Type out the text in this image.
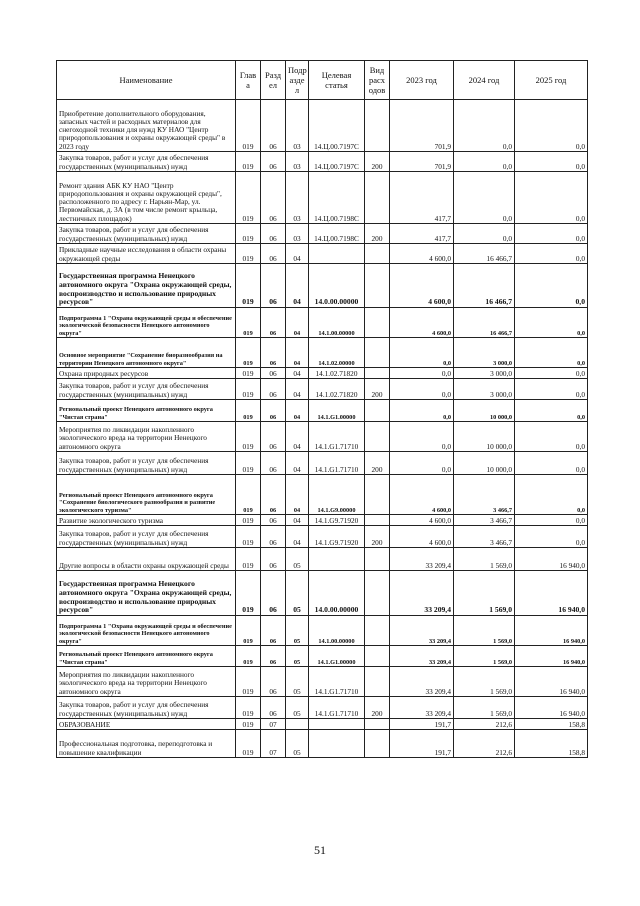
Наименование	Глав а	Разд ел	Подр азде л	Целевая статья	Вид расх одов	2023 год	2024 год	2025 год
Приобретение дополнительного оборудования, запасных частей и расходных материалов для снегоходной техники для нужд КУ НАО "Центр природопользования и охраны окружающей среды" в 2023 году	019	06	03	14.Ц.00.7197С		701,9	0,0	0,0
Закупка товаров, работ и услуг для обеспечения государственных (муниципальных) нужд	019	06	03	14.Ц.00.7197С	200	701,9	0,0	0,0
Ремонт здания АБК КУ НАО "Центр природопользования и охраны окружающей среды", расположенного по адресу г. Нарьян-Мар, ул. Первомайская, д. 3А (в том числе ремонт крыльца, лестничных площадок)	019	06	03	14.Ц.00.7198С		417,7	0,0	0,0
Закупка товаров, работ и услуг для обеспечения государственных (муниципальных) нужд	019	06	03	14.Ц.00.7198С	200	417,7	0,0	0,0
Прикладные научные исследования в области охраны окружающей среды	019	06	04			4 600,0	16 466,7	0,0
Государственная программа Ненецкого автономного округа "Охрана окружающей среды, воспроизводство и использование природных ресурсов"	019	06	04	14.0.00.00000		4 600,0	16 466,7	0,0
Подпрограмма 1 "Охрана окружающей среды и обеспечение экологической безопасности Ненецкого автономного округа"	019	06	04	14.1.00.00000		4 600,0	16 466,7	0,0
Основное мероприятие "Сохранение биоразнообразия на территории Ненецкого автономного округа"	019	06	04	14.1.02.00000		0,0	3 000,0	0,0
Охрана природных ресурсов	019	06	04	14.1.02.71820		0,0	3 000,0	0,0
Закупка товаров, работ и услуг для обеспечения государственных (муниципальных) нужд	019	06	04	14.1.02.71820	200	0,0	3 000,0	0,0
Региональный проект Ненецкого автономного округа "Чистая страна"	019	06	04	14.1.G1.00000		0,0	10 000,0	0,0
Мероприятия по ликвидации накопленного экологического вреда на территории Ненецкого автономного округа	019	06	04	14.1.G1.71710		0,0	10 000,0	0,0
Закупка товаров, работ и услуг для обеспечения государственных (муниципальных) нужд	019	06	04	14.1.G1.71710	200	0,0	10 000,0	0,0
Региональный проект Ненецкого автономного округа "Сохранение биологического разнообразия и развитие экологического туризма"	019	06	04	14.1.G9.00000		4 600,0	3 466,7	0,0
Развитие экологического туризма	019	06	04	14.1.G9.71920		4 600,0	3 466,7	0,0
Закупка товаров, работ и услуг для обеспечения государственных (муниципальных) нужд	019	06	04	14.1.G9.71920	200	4 600,0	3 466,7	0,0
Другие вопросы в области охраны окружающей среды	019	06	05			33 209,4	1 569,0	16 940,0
Государственная программа Ненецкого автономного округа "Охрана окружающей среды, воспроизводство и использование природных ресурсов"	019	06	05	14.0.00.00000		33 209,4	1 569,0	16 940,0
Подпрограмма 1 "Охрана окружающей среды и обеспечение экологической безопасности Ненецкого автономного округа"	019	06	05	14.1.00.00000		33 209,4	1 569,0	16 940,0
Региональный проект Ненецкого автономного округа "Чистая страна"	019	06	05	14.1.G1.00000		33 209,4	1 569,0	16 940,0
Мероприятия по ликвидации накопленного экологического вреда на территории Ненецкого автономного округа	019	06	05	14.1.G1.71710		33 209,4	1 569,0	16 940,0
Закупка товаров, работ и услуг для обеспечения государственных (муниципальных) нужд	019	06	05	14.1.G1.71710	200	33 209,4	1 569,0	16 940,0
ОБРАЗОВАНИЕ	019	07				191,7	212,6	158,8
Профессиональная подготовка, переподготовка и повышение квалификации	019	07	05			191,7	212,6	158,8
51
